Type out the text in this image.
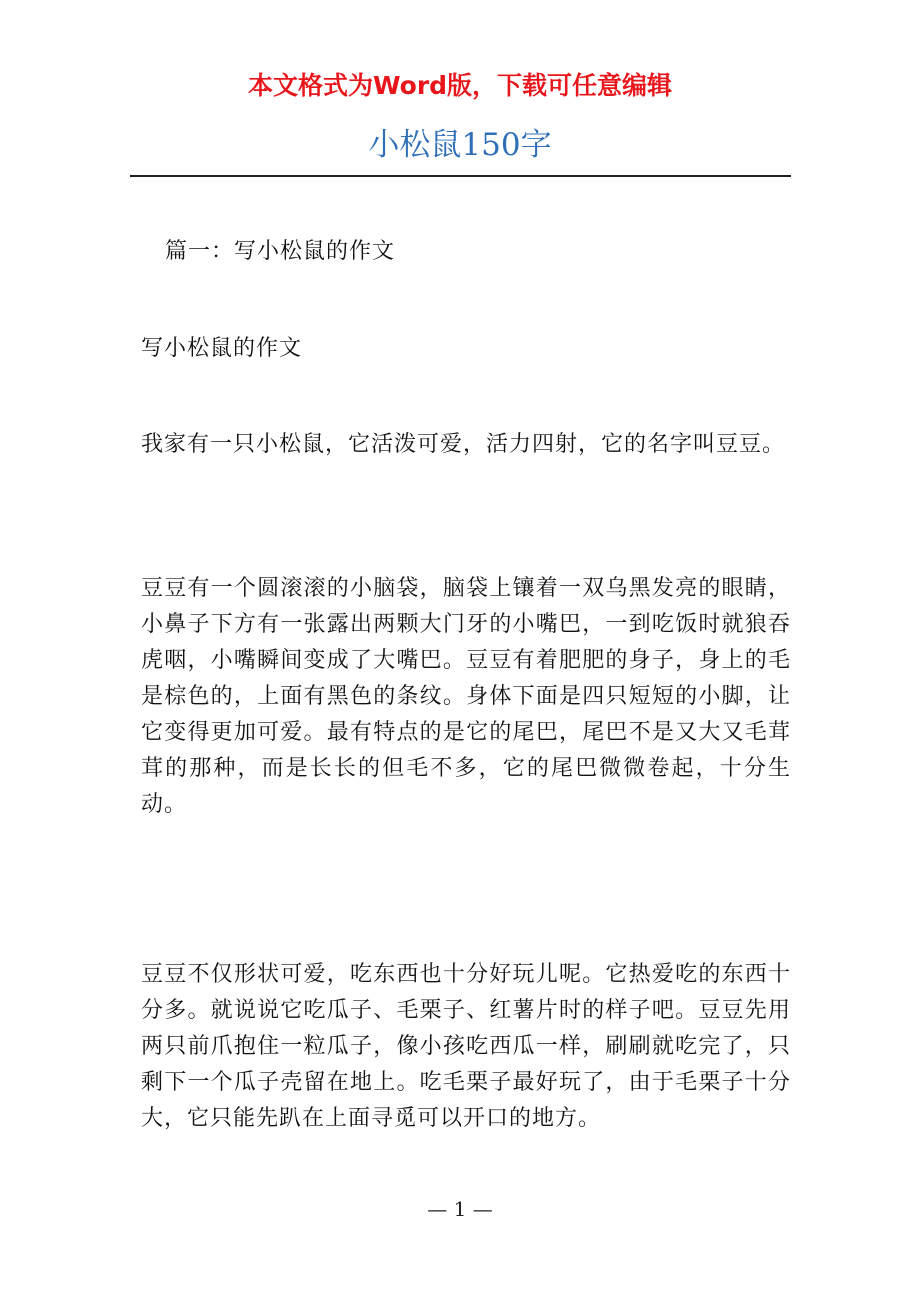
本文格式为Word版，下载可任意编辑
小松鼠150字

篇一：写小松鼠的作文

写小松鼠的作文

我家有一只小松鼠，它活泼可爱，活力四射，它的名字叫豆豆。

豆豆有一个圆滚滚的小脑袋，脑袋上镶着一双乌黑发亮的眼睛，小鼻子下方有一张露出两颗大门牙的小嘴巴，一到吃饭时就狼吞虎咽，小嘴瞬间变成了大嘴巴。豆豆有着肥肥的身子，身上的毛是棕色的，上面有黑色的条纹。身体下面是四只短短的小脚，让它变得更加可爱。最有特点的是它的尾巴，尾巴不是又大又毛茸茸的那种，而是长长的但毛不多，它的尾巴微微卷起，十分生动。

豆豆不仅形状可爱，吃东西也十分好玩儿呢。它热爱吃的东西十分多。就说说它吃瓜子、毛栗子、红薯片时的样子吧。豆豆先用两只前爪抱住一粒瓜子，像小孩吃西瓜一样，刷刷就吃完了，只剩下一个瓜子壳留在地上。吃毛栗子最好玩了，由于毛栗子十分大，它只能先趴在上面寻觅可以开口的地方。

— 1 —
